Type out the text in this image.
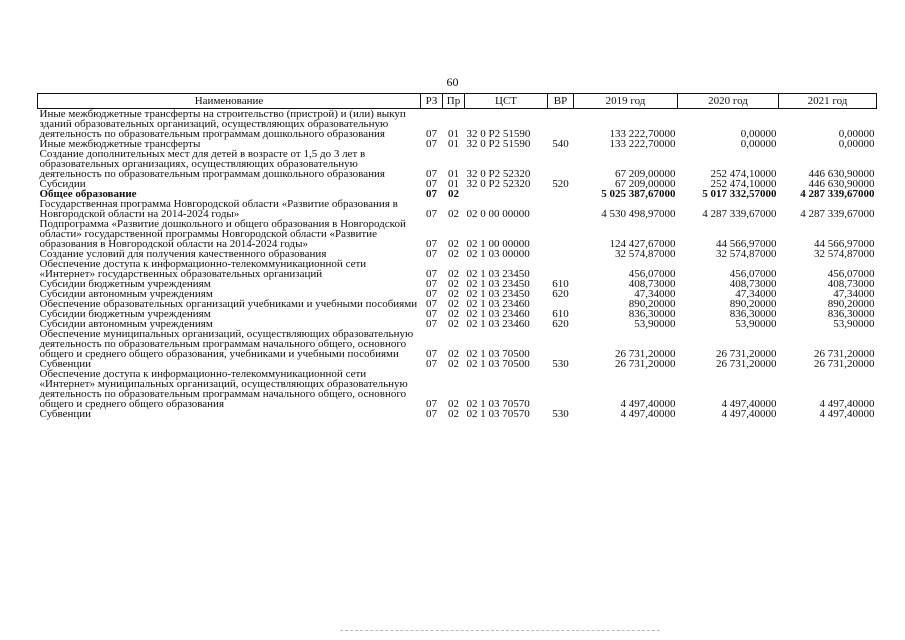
60
Наименование	РЗ	Пр	ЦСТ	ВР	2019 год	2020 год	2021 год
Иные межбюджетные трансферты на строительство (пристрой) и (или) выкуп зданий образовательных организаций, осуществляющих образовательную деятельность по образовательным программам дошкольного образования	07	01	32 0 P2 51590		133 222,70000	0,00000	0,00000
Иные межбюджетные трансферты	07	01	32 0 P2 51590	540	133 222,70000	0,00000	0,00000
Создание дополнительных мест для детей в возрасте от 1,5 до 3 лет в образовательных организациях, осуществляющих образовательную деятельность по образовательным программам дошкольного образования	07	01	32 0 P2 52320		67 209,00000	252 474,10000	446 630,90000
Субсидии	07	01	32 0 P2 52320	520	67 209,00000	252 474,10000	446 630,90000
Общее образование	07	02			5 025 387,67000	5 017 332,57000	4 287 339,67000
Государственная программа Новгородской области «Развитие образования в Новгородской области на 2014-2024 годы»	07	02	02 0 00 00000		4 530 498,97000	4 287 339,67000	4 287 339,67000
Подпрограмма «Развитие дошкольного и общего образования в Новгородской области» государственной программы Новгородской области «Развитие образования в Новгородской области на 2014-2024 годы»	07	02	02 1 00 00000		124 427,67000	44 566,97000	44 566,97000
Создание условий для получения качественного образования	07	02	02 1 03 00000		32 574,87000	32 574,87000	32 574,87000
Обеспечение доступа к информационно-телекоммуникационной сети «Интернет» государственных образовательных организаций	07	02	02 1 03 23450		456,07000	456,07000	456,07000
Субсидии бюджетным учреждениям	07	02	02 1 03 23450	610	408,73000	408,73000	408,73000
Субсидии автономным учреждениям	07	02	02 1 03 23450	620	47,34000	47,34000	47,34000
Обеспечение образовательных организаций учебниками и учебными пособиями	07	02	02 1 03 23460		890,20000	890,20000	890,20000
Субсидии бюджетным учреждениям	07	02	02 1 03 23460	610	836,30000	836,30000	836,30000
Субсидии автономным учреждениям	07	02	02 1 03 23460	620	53,90000	53,90000	53,90000
Обеспечение муниципальных организаций, осуществляющих образовательную деятельность по образовательным программам начального общего, основного общего и среднего общего образования, учебниками и учебными пособиями	07	02	02 1 03 70500		26 731,20000	26 731,20000	26 731,20000
Субвенции	07	02	02 1 03 70500	530	26 731,20000	26 731,20000	26 731,20000
Обеспечение доступа к информационно-телекоммуникационной сети «Интернет» муниципальных организаций, осуществляющих образовательную деятельность по образовательным программам начального общего, основного общего и среднего общего образования	07	02	02 1 03 70570		4 497,40000	4 497,40000	4 497,40000
Субвенции	07	02	02 1 03 70570	530	4 497,40000	4 497,40000	4 497,40000
